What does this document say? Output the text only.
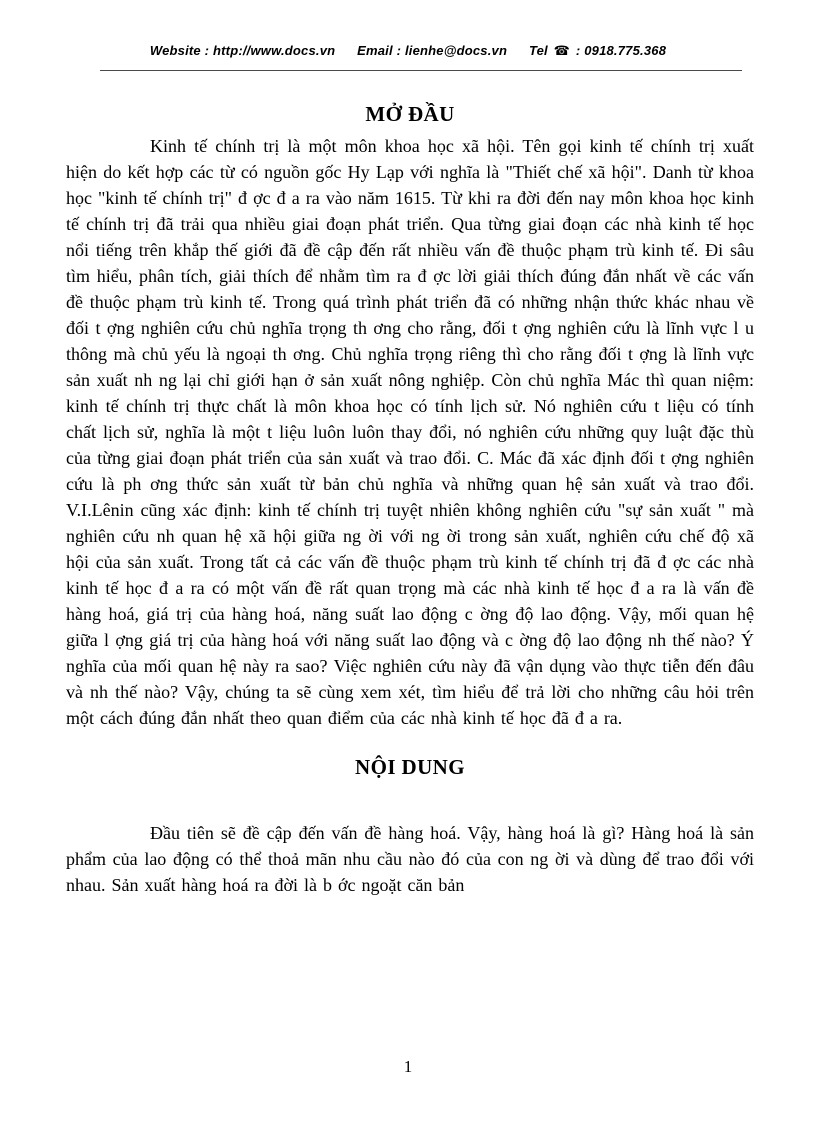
Website : http://www.docs.vn Email : lienhe@docs.vn Tel ☎ : 0918.775.368
MỞ ĐẦU

Kinh tế chính trị là một môn khoa học xã hội. Tên gọi kinh tế chính trị xuất hiện do kết hợp các từ có nguồn gốc Hy Lạp với nghĩa là "Thiết chế xã hội". Danh từ khoa học "kinh tế chính trị" đ ợc đ a ra vào năm 1615. Từ khi ra đời đến nay môn khoa học kinh tế chính trị đã trải qua nhiều giai đoạn phát triển. Qua từng giai đoạn các nhà kinh tế học nổi tiếng trên khắp thế giới đã đề cập đến rất nhiều vấn đề thuộc phạm trù kinh tế. Đi sâu tìm hiểu, phân tích, giải thích để nhằm tìm ra đ ợc lời giải thích đúng đắn nhất về các vấn đề thuộc phạm trù kinh tế. Trong quá trình phát triển đã có những nhận thức khác nhau về đối t ợng nghiên cứu chủ nghĩa trọng th ơng cho rằng, đối t ợng nghiên cứu là lĩnh vực l u thông mà chủ yếu là ngoại th ơng. Chủ nghĩa trọng riêng thì cho rằng đối t ợng là lĩnh vực sản xuất nh ng lại chỉ giới hạn ở sản xuất nông nghiệp. Còn chủ nghĩa Mác thì quan niệm: kinh tế chính trị thực chất là môn khoa học có tính lịch sử. Nó nghiên cứu t liệu có tính chất lịch sử, nghĩa là một t liệu luôn luôn thay đổi, nó nghiên cứu những quy luật đặc thù của từng giai đoạn phát triển của sản xuất và trao đổi. C. Mác đã xác định đối t ợng nghiên cứu là ph ơng thức sản xuất từ bản chủ nghĩa và những quan hệ sản xuất và trao đổi. V.I.Lênin cũng xác định: kinh tế chính trị tuyệt nhiên không nghiên cứu "sự sản xuất " mà nghiên cứu nh quan hệ xã hội giữa ng ời với ng ời trong sản xuất, nghiên cứu chế độ xã hội của sản xuất. Trong tất cả các vấn đề thuộc phạm trù kinh tế chính trị đã đ ợc các nhà kinh tế học đ a ra có một vấn đề rất quan trọng mà các nhà kinh tế học đ a ra là vấn đề hàng hoá, giá trị của hàng hoá, năng suất lao động c ờng độ lao động. Vậy, mối quan hệ giữa l ợng giá trị của hàng hoá với năng suất lao động và c ờng độ lao động nh thế nào? Ý nghĩa của mối quan hệ này ra sao? Việc nghiên cứu này đã vận dụng vào thực tiễn đến đâu và nh thế nào? Vậy, chúng ta sẽ cùng xem xét, tìm hiểu để trả lời cho những câu hỏi trên một cách đúng đắn nhất theo quan điểm của các nhà kinh tế học đã đ a ra.

NỘI DUNG

Đầu tiên sẽ đề cập đến vấn đề hàng hoá. Vậy, hàng hoá là gì? Hàng hoá là sản phẩm của lao động có thể thoả mãn nhu cầu nào đó của con ng ời và dùng để trao đổi với nhau. Sản xuất hàng hoá ra đời là b ớc ngoặt căn bản

1
